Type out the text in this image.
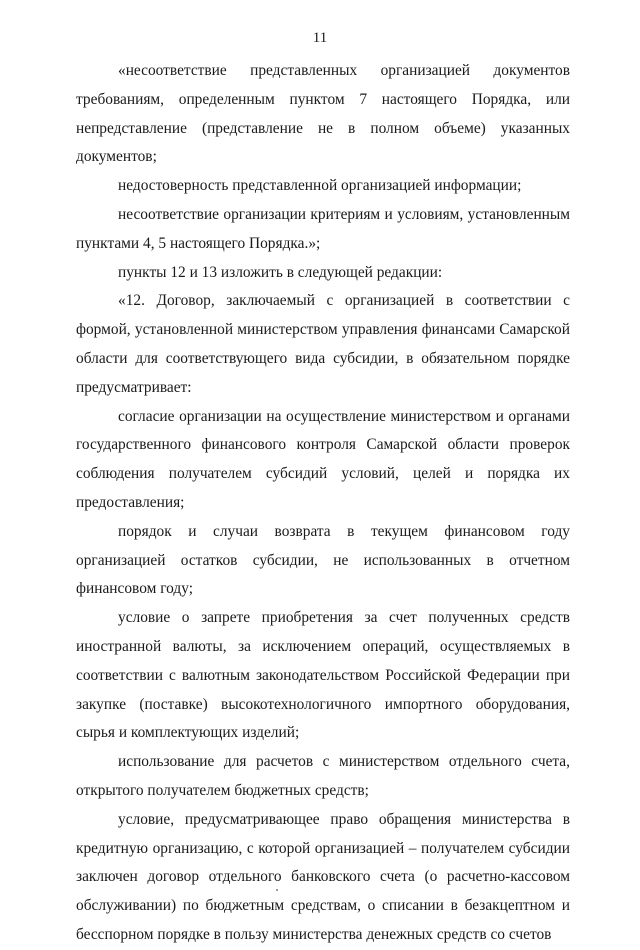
11

«несоответствие представленных организацией документов требованиям, определенным пунктом 7 настоящего Порядка, или непредставление (представление не в полном объеме) указанных документов;

недостоверность представленной организацией информации;

несоответствие организации критериям и условиям, установленным пунктами 4, 5 настоящего Порядка.»;

пункты 12 и 13 изложить в следующей редакции:

«12. Договор, заключаемый с организацией в соответствии с формой, установленной министерством управления финансами Самарской области для соответствующего вида субсидии, в обязательном порядке предусматривает:

согласие организации на осуществление министерством и органами государственного финансового контроля Самарской области проверок соблюдения получателем субсидий условий, целей и порядка их предоставления;

порядок и случаи возврата в текущем финансовом году организацией остатков субсидии, не использованных в отчетном финансовом году;

условие о запрете приобретения за счет полученных средств иностранной валюты, за исключением операций, осуществляемых в соответствии с валютным законодательством Российской Федерации при закупке (поставке) высокотехнологичного импортного оборудования, сырья и комплектующих изделий;

использование для расчетов с министерством отдельного счета, открытого получателем бюджетных средств;

условие, предусматривающее право обращения министерства в кредитную организацию, с которой организацией – получателем субсидии заключен договор отдельного банковского счета (о расчетно-кассовом обслуживании) по бюджетным средствам, о списании в безакцептном и бесспорном порядке в пользу министерства денежных средств со счетов
